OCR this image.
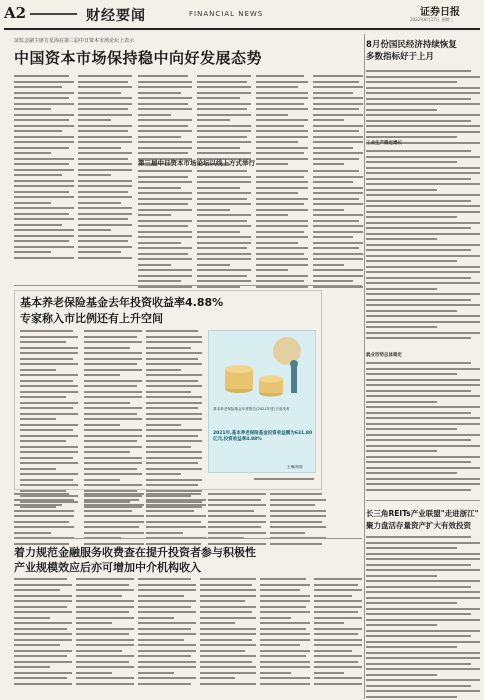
A2	财经要闻	FINANCIAL NEWS	证券日报
2022年8月17日 星期三
证监会副主席方星海在第三届中日资本市场论坛上表示
中国资本市场保持稳中向好发展态势
第三届中日资本市场论坛以线上方式举行
基本养老保险基金去年投资收益率4.88%
专家称入市比例还有上升空间
基本养老保险基金年度报告(2021年度)日前发布
2021年,基本养老保险基金投资收益额为631.80亿元,投资收益率4.88%
王琳/制图
着力规范金融服务收费查在提升投资者参与积极性
产业规模效应后亦可增加中介机构收入
8月份国民经济持续恢复
多数指标好于上月
工业生产稳定增长
就业形势总体稳定
长三角REITs产业联盟"走进浙江"
聚力盘活存量资产扩大有效投资
